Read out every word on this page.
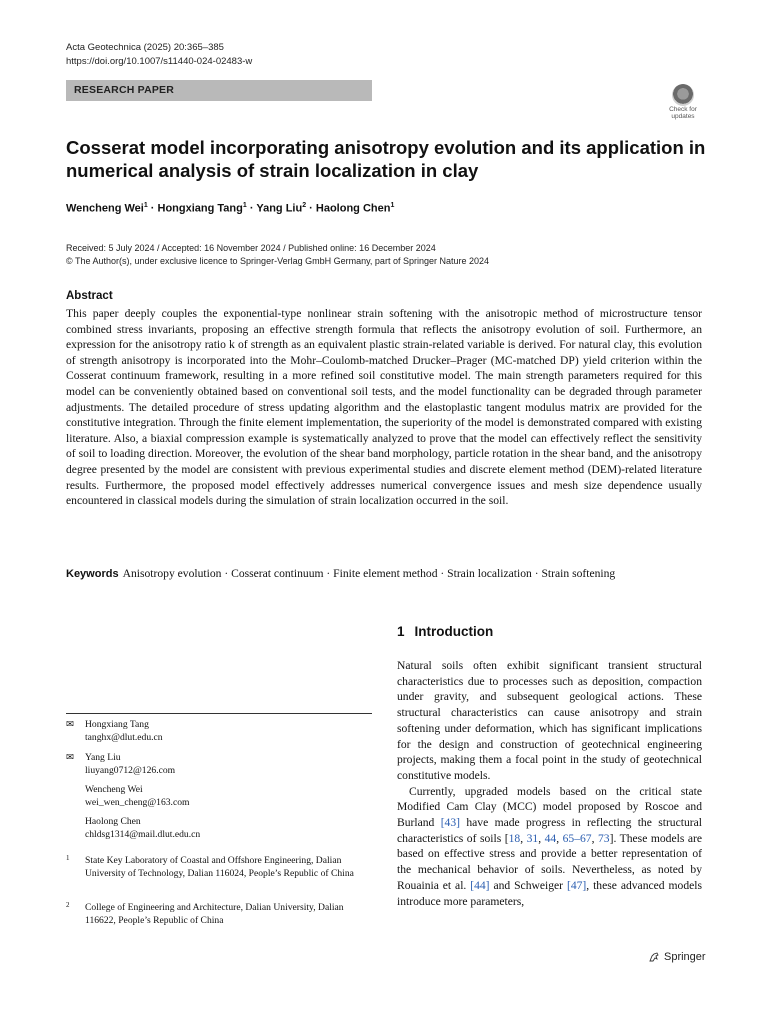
Acta Geotechnica (2025) 20:365–385
https://doi.org/10.1007/s11440-024-02483-w
RESEARCH PAPER
Check for
updates
Cosserat model incorporating anisotropy evolution and its application in numerical analysis of strain localization in clay
Wencheng Wei$^1$ · Hongxiang Tang$^1$ · Yang Liu$^2$ · Haolong Chen$^1$
Received: 5 July 2024 / Accepted: 16 November 2024 / Published online: 16 December 2024
© The Author(s), under exclusive licence to Springer-Verlag GmbH Germany, part of Springer Nature 2024
Abstract
This paper deeply couples the exponential-type nonlinear strain softening with the anisotropic method of microstructure tensor combined stress invariants, proposing an effective strength formula that reflects the anisotropy evolution of soil. Furthermore, an expression for the anisotropy ratio k of strength as an equivalent plastic strain-related variable is derived. For natural clay, this evolution of strength anisotropy is incorporated into the Mohr–Coulomb-matched Drucker–Prager (MC-matched DP) yield criterion within the Cosserat continuum framework, resulting in a more refined soil constitutive model. The main strength parameters required for this model can be conveniently obtained based on conventional soil tests, and the model functionality can be degraded through parameter adjustments. The detailed procedure of stress updating algorithm and the elastoplastic tangent modulus matrix are provided for the constitutive integration. Through the finite element implementation, the superiority of the model is demonstrated compared with existing literature. Also, a biaxial compression example is systematically analyzed to prove that the model can effectively reflect the sensitivity of soil to loading direction. Moreover, the evolution of the shear band morphology, particle rotation in the shear band, and the anisotropy degree presented by the model are consistent with previous experimental studies and discrete element method (DEM)-related literature results. Furthermore, the proposed model effectively addresses numerical convergence issues and mesh size dependence usually encountered in classical models during the simulation of strain localization occurred in the soil.
Keywords Anisotropy evolution · Cosserat continuum · Finite element method · Strain localization · Strain softening
1 Introduction

Natural soils often exhibit significant transient structural characteristics due to processes such as deposition, compaction under gravity, and subsequent geological actions. These structural characteristics can cause anisotropy and strain softening under deformation, which has significant implications for the design and construction of geotechnical engineering projects, making them a focal point in the study of geotechnical constitutive models.

Currently, upgraded models based on the critical state Modified Cam Clay (MCC) model proposed by Roscoe and Burland [43] have made progress in reflecting the structural characteristics of soils [18, 31, 44, 65–67, 73]. These models are based on effective stress and provide a better representation of the mechanical behavior of soils. Nevertheless, as noted by Rouainia et al. [44] and Schweiger [47], these advanced models introduce more parameters,

✉ Hongxiang Tang
tanghx@dlut.edu.cn
✉ Yang Liu
liuyang0712@126.com
Wencheng Wei
wei_wen_cheng@163.com
Haolong Chen
chldsg1314@mail.dlut.edu.cn
1 State Key Laboratory of Coastal and Offshore Engineering, Dalian University of Technology, Dalian 116024, People’s Republic of China
2 College of Engineering and Architecture, Dalian University, Dalian 116622, People’s Republic of China
Springer
